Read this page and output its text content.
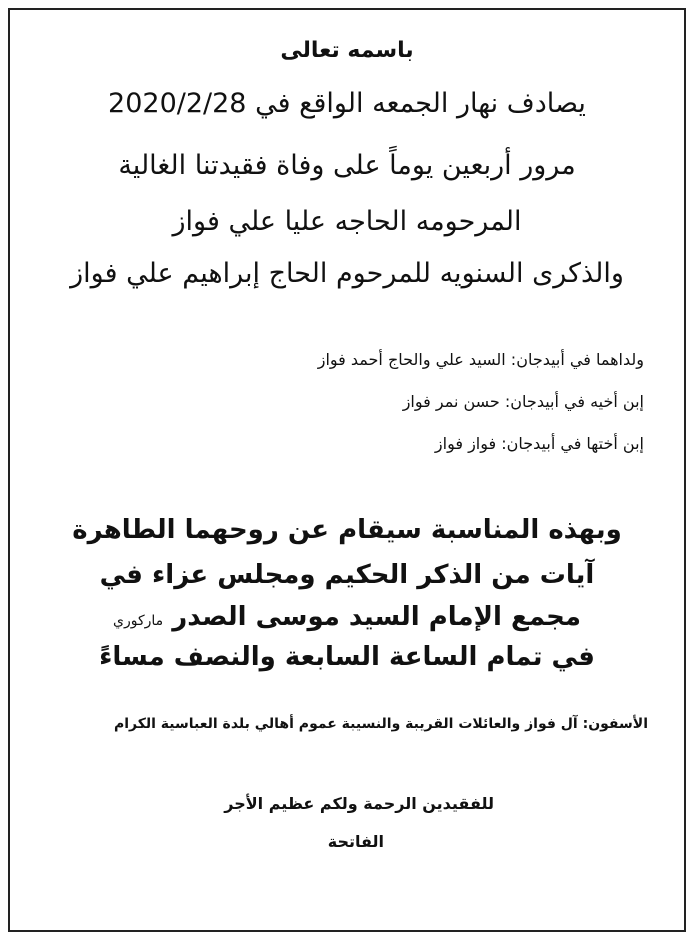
باسمه تعالى

يصادف نهار الجمعه الواقع في 2020/2/28

مرور أربعين يوماً على وفاة فقيدتنا الغالية

المرحومه الحاجه عليا علي فواز

والذكرى السنويه للمرحوم الحاج إبراهيم علي فواز

ولداهما في أبيدجان: السيد علي والحاج أحمد فواز

إبن أخيه في أبيدجان: حسن نمر فواز

إبن أختها في أبيدجان: فواز فواز

وبهذه المناسبة سيقام عن روحهما الطاهرة

آيات من الذكر الحكيم ومجلس عزاء في

مجمع الإمام السيد موسى الصدر ماركوري

في تمام الساعة السابعة والنصف مساءً

الأسفون: آل فواز والعائلات القريبة والنسيبة عموم أهالي بلدة العباسية الكرام

للفقيدين الرحمة ولكم عظيم الأجر

الفاتحة
